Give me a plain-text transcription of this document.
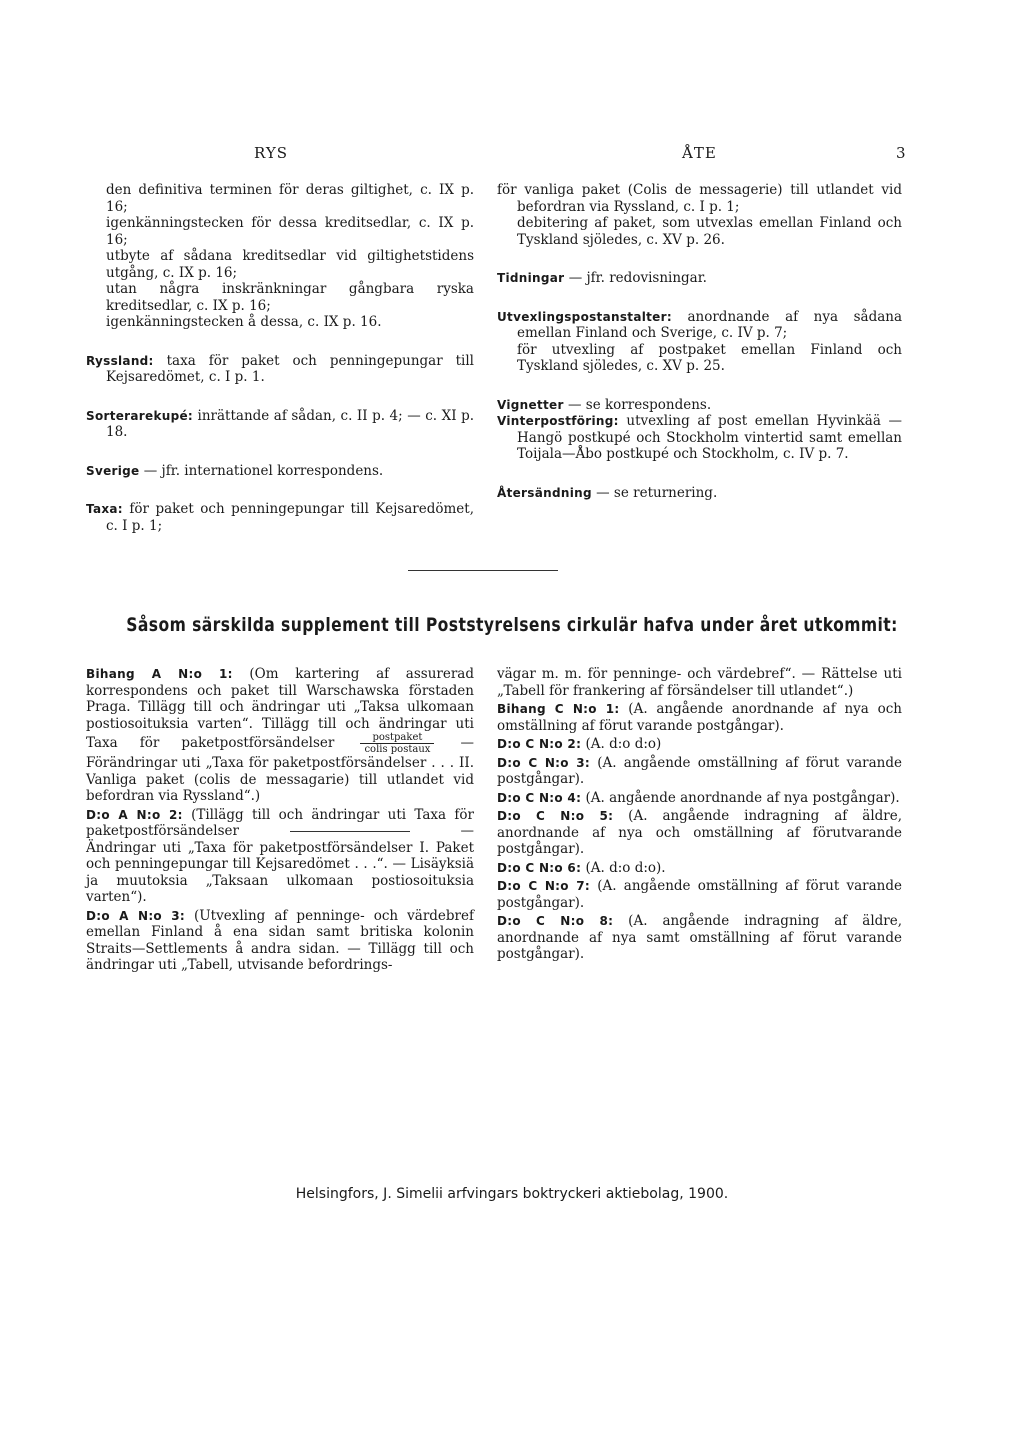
RYS	ÅTE	3
den definitiva terminen för deras giltighet, c. IX p. 16;
igenkänningstecken för dessa kreditsedlar, c. IX p. 16;
utbyte af sådana kreditsedlar vid giltighetstidens utgång, c. IX p. 16;
utan några inskränkningar gångbara ryska kreditsedlar, c. IX p. 16;
igenkänningstecken å dessa, c. IX p. 16.
Ryssland: taxa för paket och penningepungar till Kejsaredömet, c. I p. 1.
Sorterarekupé: inrättande af sådan, c. II p. 4; — c. XI p. 18.
Sverige — jfr. internationel korrespondens.
Taxa: för paket och penningepungar till Kejsaredömet, c. I p. 1;
för vanliga paket (Colis de messagerie) till utlandet vid befordran via Ryssland, c. I p. 1;
debitering af paket, som utvexlas emellan Finland och Tyskland sjöledes, c. XV p. 26.
Tidningar — jfr. redovisningar.
Utvexlingspostanstalter: anordnande af nya sådana emellan Finland och Sverige, c. IV p. 7;
för utvexling af postpaket emellan Finland och Tyskland sjöledes, c. XV p. 25.
Vignetter — se korrespondens.
Vinterpostföring: utvexling af post emellan Hyvinkää —Hangö postkupé och Stockholm vintertid samt emellan Toijala—Åbo postkupé och Stockholm, c. IV p. 7.
Återsändning — se returnering.
Såsom särskilda supplement till Poststyrelsens cirkulär hafva under året utkommit:
Bihang A N:o 1: (Om kartering af assurerad korrespondens och paket till Warschawska förstaden Praga. Tillägg till och ändringar uti „Taksa ulkomaan postiosoituksia varten“. Tillägg till och ändringar uti Taxa för paketpostförsändelser	$\frac{\text{postpaket}}{\text{colis postaux}}$ — Förändringar uti „Taxa för paketpostförsändelser . . . II. Vanliga paket (colis de messagarie) till utlandet vid befordran via Ryssland“.)
D:o A N:o 2: (Tillägg till och ändringar uti Taxa för paketpostförsändelser	— Ändringar uti „Taxa för paketpostförsändelser I. Paket och penningepungar till Kejsaredömet . . .“. — Lisäyksiä ja muutoksia „Taksaan ulkomaan postiosoituksia varten“).
D:o A N:o 3: (Utvexling af penninge- och värdebref emellan Finland å ena sidan samt britiska kolonin Straits—Settlements å andra sidan. — Tillägg till och ändringar uti „Tabell, utvisande befordrings-
vägar m. m. för penninge- och värdebref“. — Rättelse uti „Tabell för frankering af försändelser till utlandet“.)
Bihang C N:o 1: (A. angående anordnande af nya och omställning af förut varande postgångar).
D:o C N:o 2: (A. d:o d:o)
D:o C N:o 3: (A. angående omställning af förut varande postgångar).
D:o C N:o 4: (A. angående anordnande af nya postgångar).
D:o C N:o 5: (A. angående indragning af äldre, anordnande af nya och omställning af förutvarande postgångar).
D:o C N:o 6: (A. d:o d:o).
D:o C N:o 7: (A. angående omställning af förut varande postgångar).
D:o C N:o 8: (A. angående indragning af äldre, anordnande af nya samt omställning af förut varande postgångar).
Helsingfors, J. Simelii arfvingars boktryckeri aktiebolag, 1900.
